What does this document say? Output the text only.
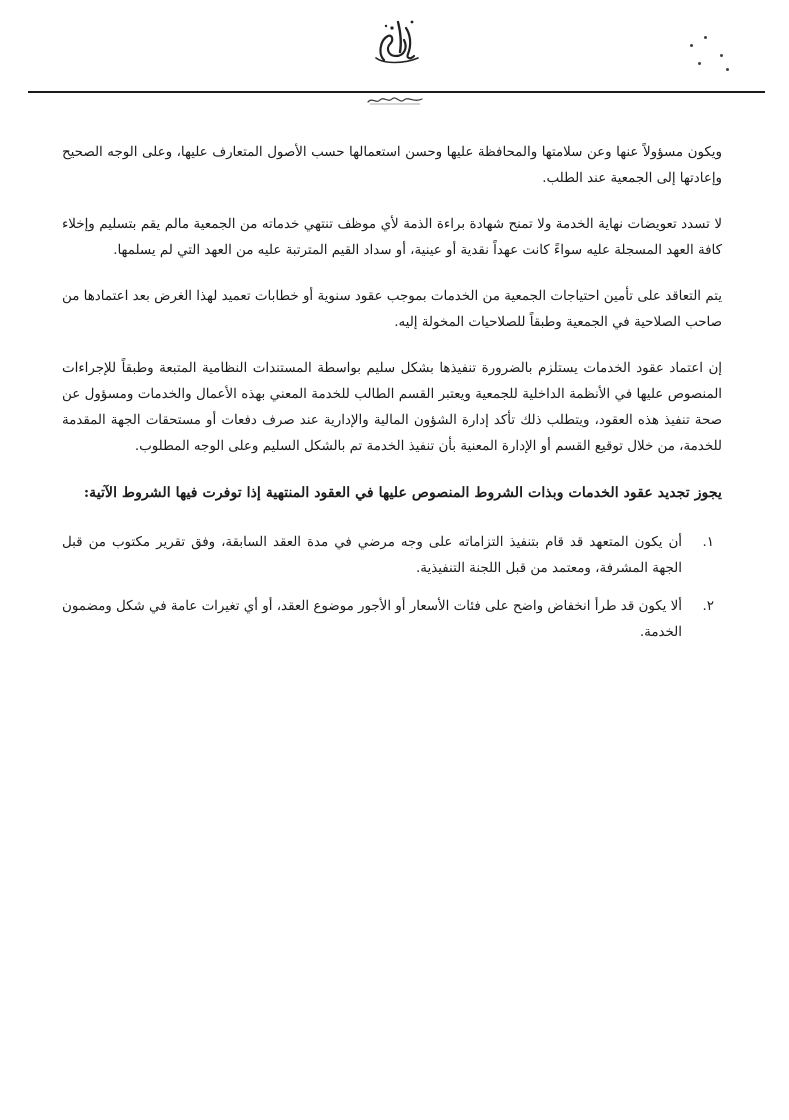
ويكون مسؤولاً عنها وعن سلامتها والمحافظة عليها وحسن استعمالها حسب الأصول المتعارف عليها، وعلى الوجه الصحيح وإعادتها إلى الجمعية عند الطلب.

لا تسدد تعويضات نهاية الخدمة ولا تمنح شهادة براءة الذمة لأي موظف تنتهي خدماته من الجمعية مالم يقم بتسليم وإخلاء كافة العهد المسجلة عليه سواءً كانت عهداً نقدية أو عينية، أو سداد القيم المترتبة عليه من العهد التي لم يسلمها.

يتم التعاقد على تأمين احتياجات الجمعية من الخدمات بموجب عقود سنوية أو خطابات تعميد لهذا الغرض بعد اعتمادها من صاحب الصلاحية في الجمعية وطبقاً للصلاحيات المخولة إليه.

إن اعتماد عقود الخدمات يستلزم بالضرورة تنفيذها بشكل سليم بواسطة المستندات النظامية المتبعة وطبقاً للإجراءات المنصوص عليها في الأنظمة الداخلية للجمعية ويعتبر القسم الطالب للخدمة المعني بهذه الأعمال والخدمات ومسؤول عن صحة تنفيذ هذه العقود، ويتطلب ذلك تأكد إدارة الشؤون المالية والإدارية عند صرف دفعات أو مستحقات الجهة المقدمة للخدمة، من خلال توقيع القسم أو الإدارة المعنية بأن تنفيذ الخدمة تم بالشكل السليم وعلى الوجه المطلوب.

يجوز تجديد عقود الخدمات وبذات الشروط المنصوص عليها في العقود المنتهية إذا توفرت فيها الشروط الآتية:

١.
أن يكون المتعهد قد قام بتنفيذ التزاماته على وجه مرضي في مدة العقد السابقة، وفق تقرير مكتوب من قبل الجهة المشرفة، ومعتمد من قبل اللجنة التنفيذية.
٢.
ألا يكون قد طرأ انخفاض واضح على فئات الأسعار أو الأجور موضوع العقد، أو أي تغيرات عامة في شكل ومضمون الخدمة.
